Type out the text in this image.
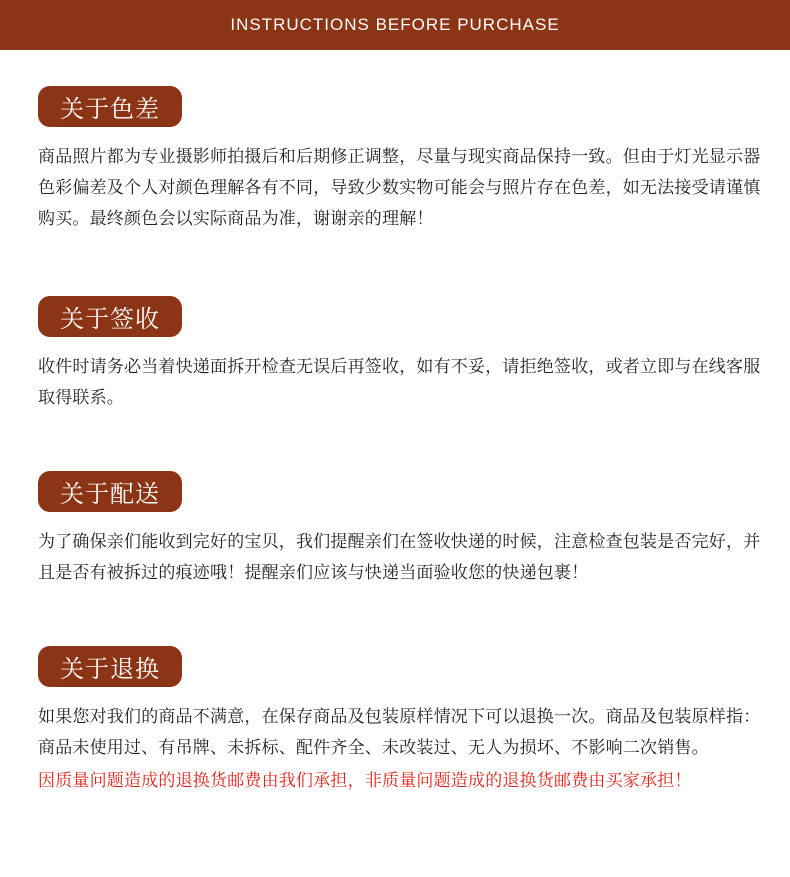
INSTRUCTIONS BEFORE PURCHASE
关于色差
商品照片都为专业摄影师拍摄后和后期修正调整，尽量与现实商品保持一致。但由于灯光显示器色彩偏差及个人对颜色理解各有不同，导致少数实物可能会与照片存在色差，如无法接受请谨慎购买。最终颜色会以实际商品为准，谢谢亲的理解！
关于签收
收件时请务必当着快递面拆开检查无误后再签收，如有不妥，请拒绝签收，或者立即与在线客服取得联系。
关于配送
为了确保亲们能收到完好的宝贝，我们提醒亲们在签收快递的时候，注意检查包装是否完好，并且是否有被拆过的痕迹哦！提醒亲们应该与快递当面验收您的快递包裹！
关于退换
如果您对我们的商品不满意，在保存商品及包装原样情况下可以退换一次。商品及包装原样指：商品未使用过、有吊牌、未拆标、配件齐全、未改装过、无人为损坏、不影响二次销售。
因质量问题造成的退换货邮费由我们承担，非质量问题造成的退换货邮费由买家承担！
